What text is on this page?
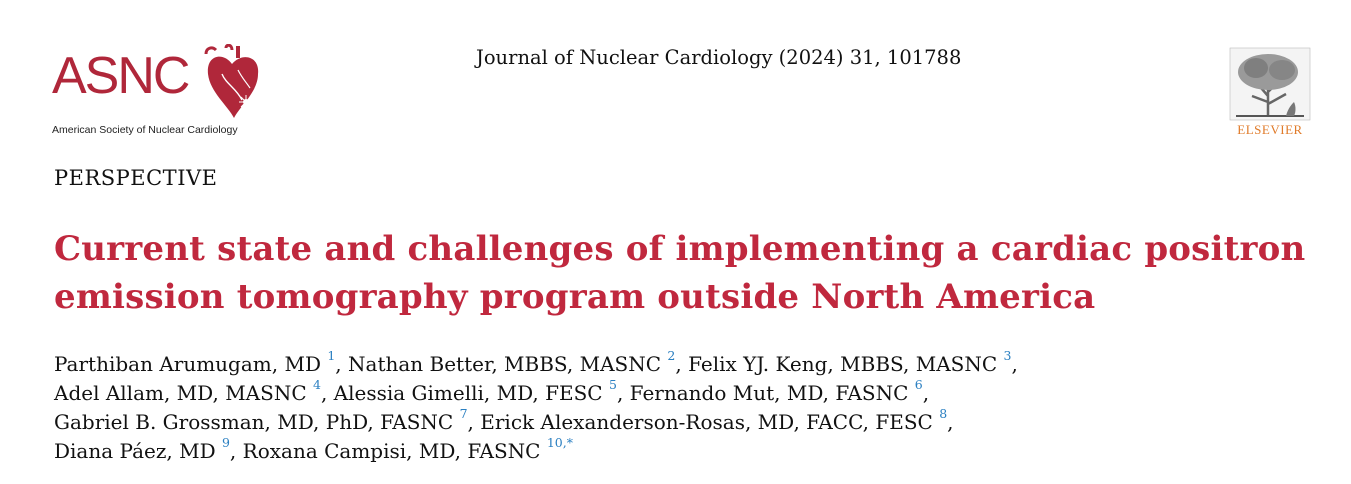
ASNC
American Society of Nuclear Cardiology
Journal of Nuclear Cardiology (2024) 31, 101788
ELSEVIER
PERSPECTIVE
Current state and challenges of implementing a cardiac positron emission tomography program outside North America
Parthiban Arumugam, MD $^1$, Nathan Better, MBBS, MASNC $^2$, Felix YJ. Keng, MBBS, MASNC $^3$,
Adel Allam, MD, MASNC $^4$, Alessia Gimelli, MD, FESC $^5$, Fernando Mut, MD, FASNC $^6$,
Gabriel B. Grossman, MD, PhD, FASNC $^7$, Erick Alexanderson-Rosas, MD, FACC, FESC $^8$,
Diana Páez, MD $^9$, Roxana Campisi, MD, FASNC $^{10,*}$
